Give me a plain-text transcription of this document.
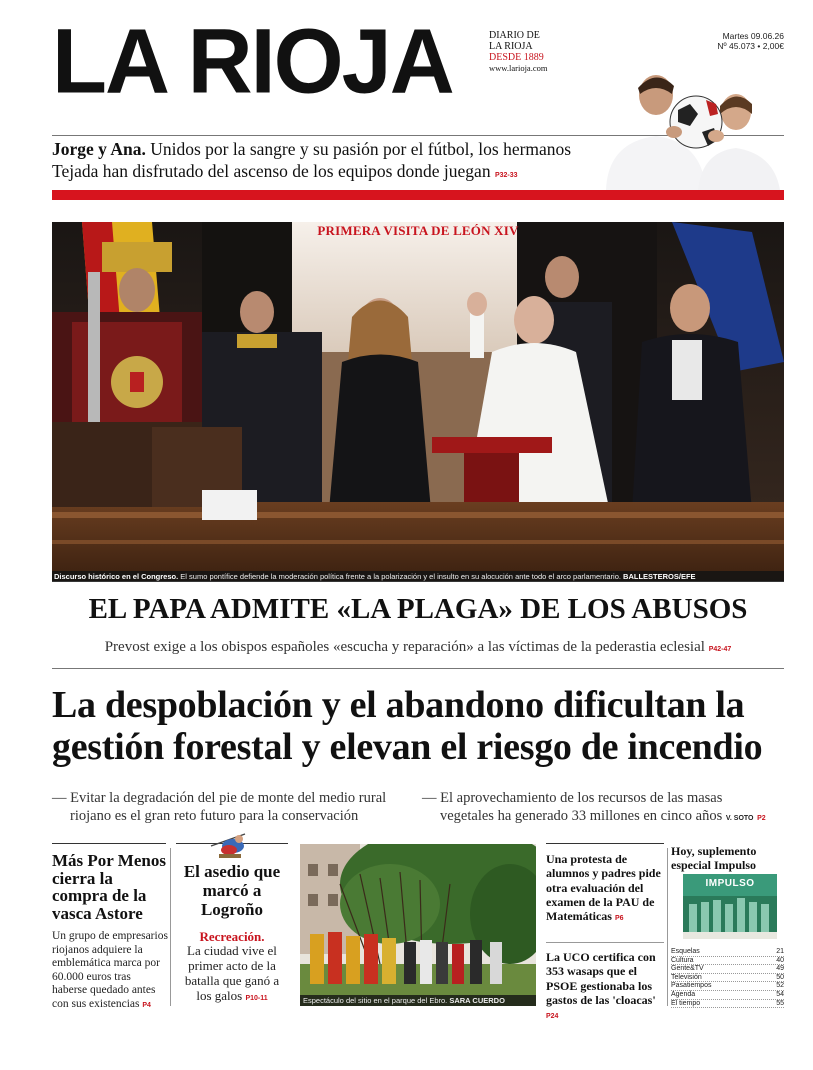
LA RIOJA	DIARIO DE
LA RIOJA
DESDE 1889
www.larioja.com
Martes 09.06.26
Nº 45.073 • 2,00€
Jorge y Ana. Unidos por la sangre y su pasión por el fútbol, los hermanos Tejada han disfrutado del ascenso de los equipos donde juegan P32-33
PRIMERA VISITA DE LEÓN XIV
Discurso histórico en el Congreso. El sumo pontífice defiende la moderación política frente a la polarización y el insulto en su alocución ante todo el arco parlamentario. BALLESTEROS/EFE
EL PAPA ADMITE «LA PLAGA» DE LOS ABUSOS
Prevost exige a los obispos españoles «escucha y reparación» a las víctimas de la pederastia eclesial P42-47
La despoblación y el abandono dificultan la gestión forestal y elevan el riesgo de incendio
— Evitar la degradación del pie de monte del medio rural
riojano es el gran reto futuro para la conservación
— El aprovechamiento de los recursos de las masas
vegetales ha generado 33 millones en cinco años V. SOTO P2
Más Por Menos cierra la compra de la vasca Astore
Un grupo de empresarios riojanos adquiere la emblemática marca por 60.000 euros tras haberse quedado antes con sus existencias P4
El asedio que marcó a Logroño
Recreación.
La ciudad vive el primer acto de la batalla que ganó a los galos P10-11	Espectáculo del sitio en el parque del Ebro. SARA CUERDO
Una protesta de alumnos y padres pide otra evaluación del examen de la PAU de Matemáticas P6
La UCO certifica con 353 wasaps que el PSOE gestionaba los gastos de las 'cloacas' P24
Hoy, suplemento especial Impulso
IMPULSO
Esquelas	21
Cultura	40
Gente&TV	49
Televisión	50
Pasatiempos	52
Agenda	54
El tiempo	55
